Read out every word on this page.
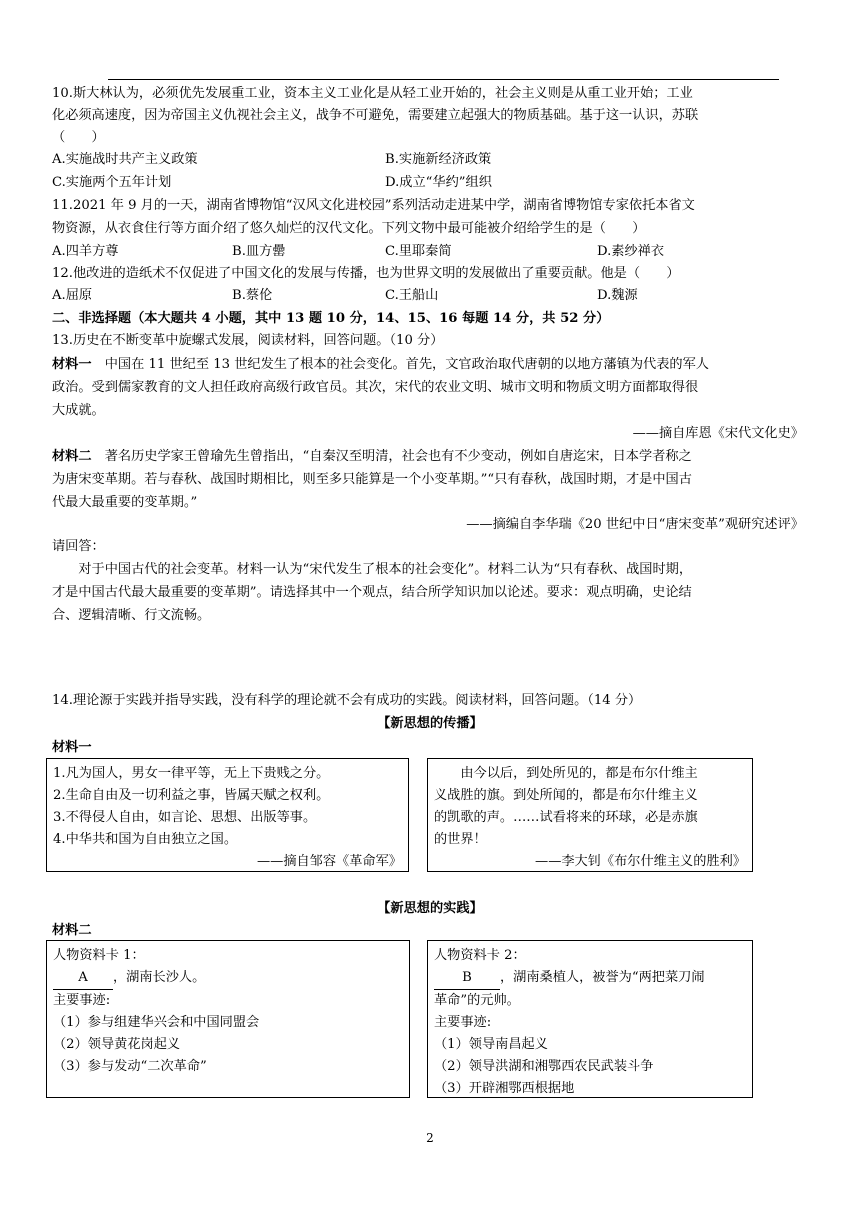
10.斯大林认为，必须优先发展重工业，资本主义工业化是从轻工业开始的，社会主义则是从重工业开始；工业
化必须高速度，因为帝国主义仇视社会主义，战争不可避免，需要建立起强大的物质基础。基于这一认识，苏联
（　　）
A.实施战时共产主义政策	B.实施新经济政策
C.实施两个五年计划	D.成立“华约”组织
11.2021 年 9 月的一天，湖南省博物馆“汉风文化进校园”系列活动走进某中学，湖南省博物馆专家依托本省文
物资源，从衣食住行等方面介绍了悠久灿烂的汉代文化。下列文物中最可能被介绍给学生的是（　　）
A.四羊方尊	B.皿方罍	C.里耶秦简	D.素纱禅衣
12.他改进的造纸术不仅促进了中国文化的发展与传播，也为世界文明的发展做出了重要贡献。他是（　　）
A.屈原	B.蔡伦	C.王船山	D.魏源
二、非选择题（本大题共 4 小题，其中 13 题 10 分，14、15、16 每题 14 分，共 52 分）
13.历史在不断变革中旋螺式发展，阅读材料，回答问题。（10 分）
材料一　中国在 11 世纪至 13 世纪发生了根本的社会变化。首先，文官政治取代唐朝的以地方藩镇为代表的军人
政治。受到儒家教育的文人担任政府高级行政官员。其次，宋代的农业文明、城市文明和物质文明方面都取得很
大成就。
——摘自库恩《宋代文化史》
材料二　著名历史学家王曾瑜先生曾指出，“自秦汉至明清，社会也有不少变动，例如自唐迄宋，日本学者称之
为唐宋变革期。若与春秋、战国时期相比，则至多只能算是一个小变革期。”“只有春秋，战国时期，才是中国古
代最大最重要的变革期。”
——摘编自李华瑞《20 世纪中日“唐宋变革”观研究述评》
请回答：
　　对于中国古代的社会变革。材料一认为“宋代发生了根本的社会变化”。材料二认为“只有春秋、战国时期，
才是中国古代最大最重要的变革期”。请选择其中一个观点，结合所学知识加以论述。要求：观点明确，史论结
合、逻辑清晰、行文流畅。
14.理论源于实践并指导实践，没有科学的理论就不会有成功的实践。阅读材料，回答问题。（14 分）
【新思想的传播】
材料一
1.凡为国人，男女一律平等，无上下贵贱之分。
2.生命自由及一切利益之事，皆属天赋之权利。
3.不得侵人自由，如言论、思想、出版等事。
4.中华共和国为自由独立之国。
——摘自邹容《革命军》
　　由今以后，到处所见的，都是布尔什维主
义战胜的旗。到处所闻的，都是布尔什维主义
的凯歌的声。……试看将来的环球，必是赤旗
的世界！
——李大钊《布尔什维主义的胜利》
【新思想的实践】
材料二
人物资料卡 1：
A ，湖南长沙人。
主要事迹:
（1）参与组建华兴会和中国同盟会
（2）领导黄花岗起义
（3）参与发动“二次革命”
人物资料卡 2：
B ，湖南桑植人，被誉为“两把菜刀闹
革命”的元帅。
主要事迹:
（1）领导南昌起义
（2）领导洪湖和湘鄂西农民武装斗争
（3）开辟湘鄂西根据地
2
